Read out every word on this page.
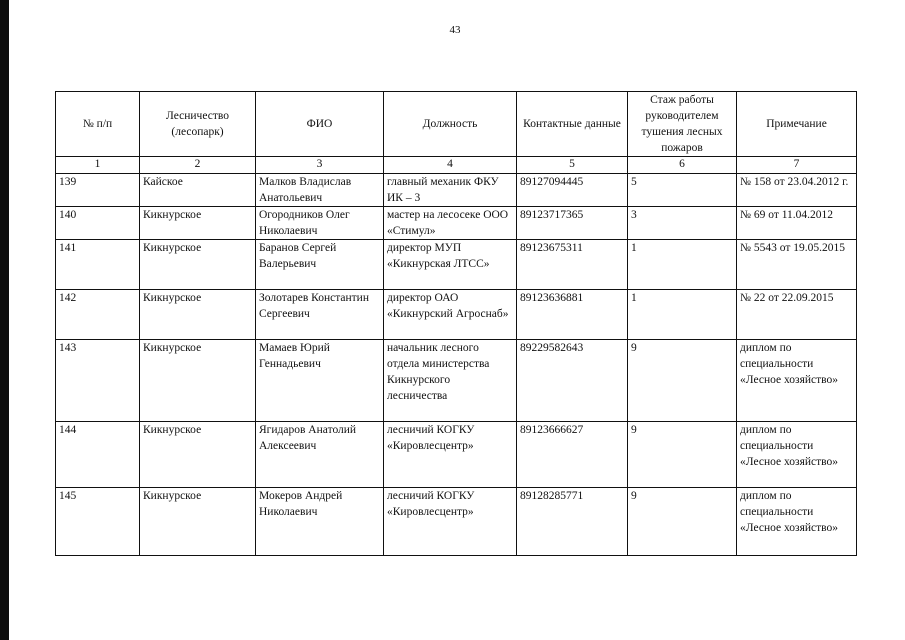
43
№ п/п	Лесничество (лесопарк)	ФИО	Должность	Контактные данные	Стаж работы руководителем тушения лесных пожаров	Примечание
1	2	3	4	5	6	7
139	Кайское	Малков Владислав Анатольевич	главный механик ФКУ ИК – 3	89127094445	5	№ 158 от 23.04.2012 г.
140	Кикнурское	Огородников Олег Николаевич	мастер на лесосеке ООО «Стимул»	89123717365	3	№ 69 от 11.04.2012
141	Кикнурское	Баранов Сергей Валерьевич	директор МУП «Кикнурская ЛТСС»	89123675311	1	№ 5543 от 19.05.2015
142	Кикнурское	Золотарев Константин Сергеевич	директор ОАО «Кикнурский Агроснаб»	89123636881	1	№ 22 от 22.09.2015
143	Кикнурское	Мамаев Юрий Геннадьевич	начальник лесного отдела министерства Кикнурского лесничества	89229582643	9	диплом по специальности «Лесное хозяйство»
144	Кикнурское	Ягидаров Анатолий Алексеевич	лесничий КОГКУ «Кировлесцентр»	89123666627	9	диплом по специальности «Лесное хозяйство»
145	Кикнурское	Мокеров Андрей Николаевич	лесничий КОГКУ «Кировлесцентр»	89128285771	9	диплом по специальности «Лесное хозяйство»
